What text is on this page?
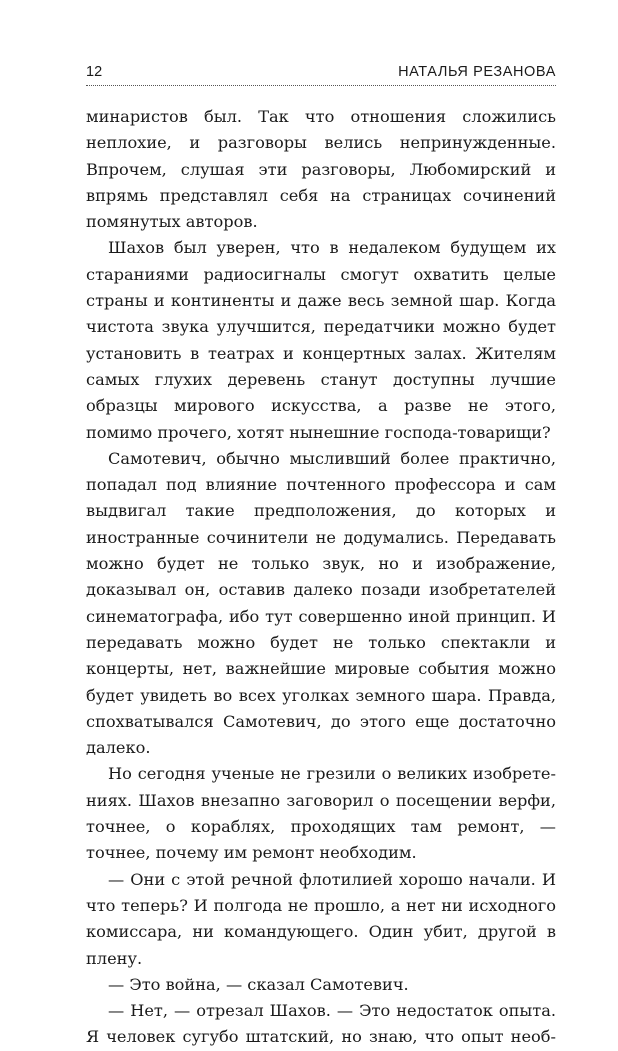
12	НАТАЛЬЯ РЕЗАНОВА

минаристов был. Так что отношения сложились неплохие, и разговоры велись непринужденные. Впрочем, слушая эти разговоры, Любомирский и впрямь представлял себя на страницах сочинений помянутых авторов.

Шахов был уверен, что в недалеком будущем их стараниями радиосигналы смогут охватить целые страны и континенты и даже весь земной шар. Когда чистота звука улучшится, передатчики можно будет установить в театрах и концертных залах. Жителям самых глухих деревень станут доступны лучшие образцы мирового искусства, а разве не этого, помимо прочего, хотят нынешние господа-товарищи?

Самотевич, обычно мысливший более практично, попадал под влияние почтенного профессора и сам выдвигал такие предположения, до которых и иностранные сочинители не додумались. Передавать можно будет не только звук, но и изображение, доказывал он, оставив далеко позади изобретателей синематографа, ибо тут совершенно иной принцип. И передавать можно будет не только спектакли и концерты, нет, важнейшие мировые события можно будет увидеть во всех уголках земного шара. Правда, спохватывался Самотевич, до этого еще достаточно далеко.

Но сегодня ученые не грезили о великих изобретениях. Шахов внезапно заговорил о посещении верфи, точнее, о кораблях, проходящих там ремонт, — точнее, почему им ремонт необходим.

— Они с этой речной флотилией хорошо начали. И что теперь? И полгода не прошло, а нет ни исходного комиссара, ни командующего. Один убит, другой в плену.

— Это война, — сказал Самотевич.

— Нет, — отрезал Шахов. — Это недостаток опыта. Я человек сугубо штатский, но знаю, что опыт необ-
